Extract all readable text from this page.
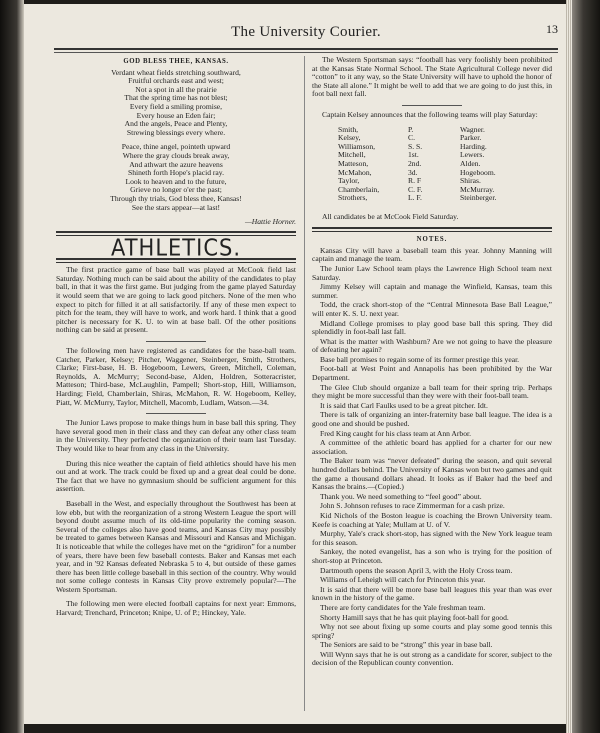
The University Courier.	13
GOD BLESS THEE, KANSAS.

Verdant wheat fields stretching southward,

Fruitful orchards east and west;

Not a spot in all the prairie

That the spring time has not blest;

Every field a smiling promise,

Every house an Eden fair;

And the angels, Peace and Plenty,

Strewing blessings every where.

Peace, thine angel, pointeth upward

Where the gray clouds break away,

And athwart the azure heavens

Shineth forth Hope's placid ray.

Look to heaven and to the future,

Grieve no longer o'er the past;

Through thy trials, God bless thee, Kansas!

See the stars appear—at last!

—Hattie Horner.
ATHLETICS.

The first practice game of base ball was played at McCook field last Saturday. Nothing much can be said about the ability of the candidates to play ball, in that it was the first game. But judging from the game played Saturday it would seem that we are going to lack good pitchers. None of the men who expect to pitch for filled it at all satisfactorily. If any of these men expect to pitch for the team, they will have to work, and work hard. I think that a good pitcher is necessary for K. U. to win at base ball. Of the other positions nothing can be said at present.

The following men have registered as candidates for the base-ball team. Catcher, Parker, Kelsey; Pitcher, Waggener, Steinberger, Smith, Strothers, Clarke; First-base, H. B. Hogeboom, Lewers, Green, Mitchell, Coleman, Reynolds, A. McMurry; Second-base, Alden, Holdren, Sotteracrister, Matteson; Third-base, McLaughlin, Pampell; Short-stop, Hill, Williamson, Harding; Field, Chamberlain, Shiras, McMahon, R. W. Hogeboom, Kelley, Piatt, W. McMurry, Taylor, Mitchell, Macomb, Ludlam, Watson.—34.

The Junior Laws propose to make things hum in base ball this spring. They have several good men in their class and they can defeat any other class team in the University. They perfected the organization of their team last Tuesday. They would like to hear from any class in the University.

During this nice weather the captain of field athletics should have his men out and at work. The track could be fixed up and a great deal could be done. The fact that we have no gymnasium should be sufficient argument for this assertion.

Baseball in the West, and especially throughout the Southwest has been at low ebb, but with the reorganization of a strong Western League the sport will beyond doubt assume much of its old-time popularity the coming season. Several of the colleges also have good teams, and Kansas City may possibly be treated to games between Kansas and Missouri and Kansas and Michigan. It is noticeable that while the colleges have met on the “gridiron” for a number of years, there have been few baseball contests. Baker and Kansas met each year, and in '92 Kansas defeated Nebraska 5 to 4, but outside of these games there has been little college baseball in this section of the country. Why would not some college contests in Kansas City prove extremely popular?—The Western Sportsman.

The following men were elected football captains for next year: Emmons, Harvard; Trenchard, Princeton; Knipe, U. of P.; Hinckey, Yale.

The Western Sportsman says: “football has very foolishly been prohibited at the Kansas State Normal School. The State Agricultural College never did “cotton” to it any way, so the State University will have to uphold the honor of the State all alone.” It might be well to add that we are going to do just this, in foot ball next fall.

Captain Kelsey announces that the following teams will play Saturday:

Smith,
Kelsey,
Williamson,
Mitchell,
Matteson,
McMahon,
Taylor,
Chamberlain,
Strothers,
P.
C.
S. S.
1st.
2nd.
3d.
R. F
C. F.
L. F.
Wagner.
Parker.
Harding.
Lewers.
Alden.
Hogeboom.
Shiras.
McMurray.
Steinberger.

All candidates be at McCook Field Saturday.

NOTES.

Kansas City will have a baseball team this year. Johnny Manning will captain and manage the team.

The Junior Law School team plays the Lawrence High School team next Saturday.

Jimmy Kelsey will captain and manage the Winfield, Kansas, team this summer.

Todd, the crack short-stop of the “Central Minnesota Base Ball League,” will enter K. S. U. next year.

Midland College promises to play good base ball this spring. They did splendidly in foot-ball last fall.

What is the matter with Washburn? Are we not going to have the pleasure of defeating her again?

Base ball promises to regain some of its former prestige this year.

Foot-ball at West Point and Annapolis has been prohibited by the War Department.

The Glee Club should organize a ball team for their spring trip. Perhaps they might be more successful than they were with their foot-ball team.

It is said that Carl Faulks used to be a great pitcher. Idt.

There is talk of organizing an inter-fraternity base ball league. The idea is a good one and should be pushed.

Fred King caught for his class team at Ann Arbor.

A committee of the athletic board has applied for a charter for our new association.

The Baker team was “never defeated” during the season, and quit several hundred dollars behind. The University of Kansas won but two games and quit the game a thousand dollars ahead. It looks as if Baker had the beef and Kansas the brains.—(Copied.)

Thank you. We need something to “feel good” about.

John S. Johnson refuses to race Zimmerman for a cash prize.

Kid Nichols of the Boston league is coaching the Brown University team. Keefe is coaching at Yale; Mullam at U. of V.

Murphy, Yale's crack short-stop, has signed with the New York league team for this season.

Sankey, the noted evangelist, has a son who is trying for the position of short-stop at Princeton.

Dartmouth opens the season April 3, with the Holy Cross team.

Williams of Leheigh will catch for Princeton this year.

It is said that there will be more base ball leagues this year than was ever known in the history of the game.

There are forty candidates for the Yale freshman team.

Shorty Hamill says that he has quit playing foot-ball for good.

Why not see about fixing up some courts and play some good tennis this spring?

The Seniors are said to be “strong” this year in base ball.

Will Wynn says that he is out strong as a candidate for scorer, subject to the decision of the Republican county convention.
